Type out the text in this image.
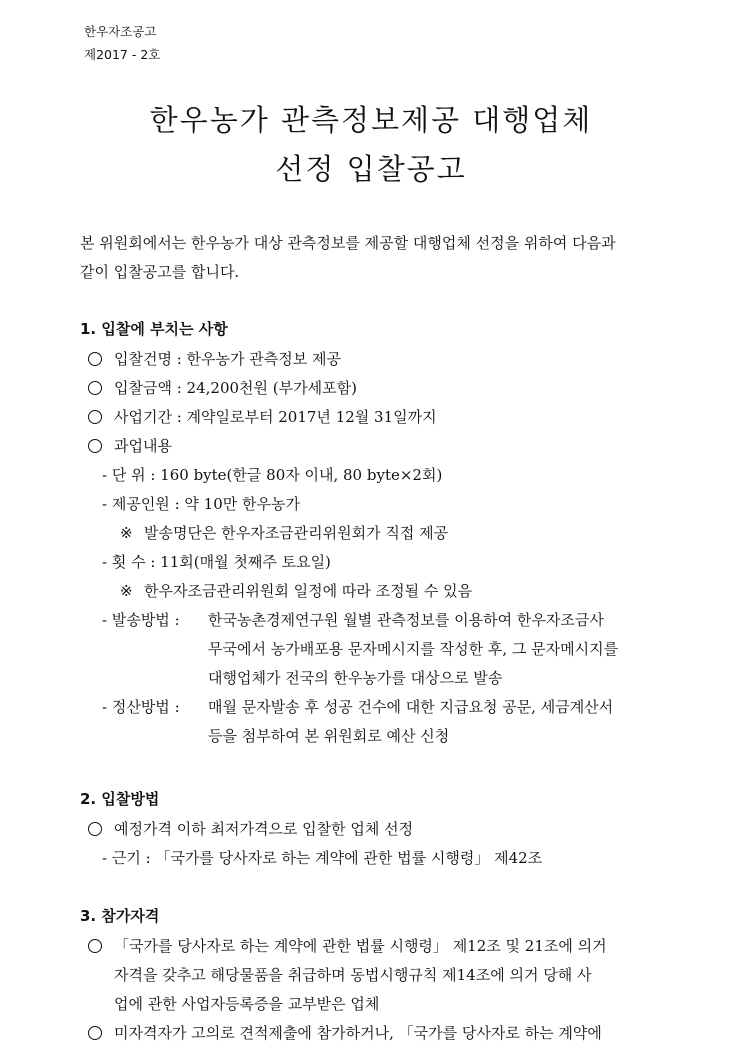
한우자조공고
제2017 - 2호
한우농가 관측정보제공 대행업체
선정 입찰공고
본 위원회에서는 한우농가 대상 관측정보를 제공할 대행업체 선정을 위하여 다음과
같이 입찰공고를 합니다.
1. 입찰에 부치는 사항
입찰건명 : 한우농가 관측정보 제공
입찰금액 : 24,200천원 (부가세포함)
사업기간 : 계약일로부터 2017년 12월 31일까지
과업내용
- 단 위 : 160 byte(한글 80자 이내, 80 byte×2회)
- 제공인원 : 약 10만 한우농가
※ 발송명단은 한우자조금관리위원회가 직접 제공
- 횟 수 : 11회(매월 첫째주 토요일)
※ 한우자조금관리위원회 일정에 따라 조정될 수 있음
- 발송방법 : 한국농촌경제연구원 월별 관측정보를 이용하여 한우자조금사
무국에서 농가배포용 문자메시지를 작성한 후, 그 문자메시지를
대행업체가 전국의 한우농가를 대상으로 발송
- 정산방법 : 매월 문자발송 후 성공 건수에 대한 지급요청 공문, 세금계산서
등을 첨부하여 본 위원회로 예산 신청
2. 입찰방법
예정가격 이하 최저가격으로 입찰한 업체 선정
- 근기 : 「국가를 당사자로 하는 계약에 관한 법률 시행령」 제42조
3. 참가자격
「국가를 당사자로 하는 계약에 관한 법률 시행령」 제12조 및 21조에 의거
자격을 갖추고 해당물품을 취급하며 동법시행규칙 제14조에 의거 당해 사
업에 관한 사업자등록증을 교부받은 업체
미자격자가 고의로 견적제출에 참가하거나, 「국가를 당사자로 하는 계약에
